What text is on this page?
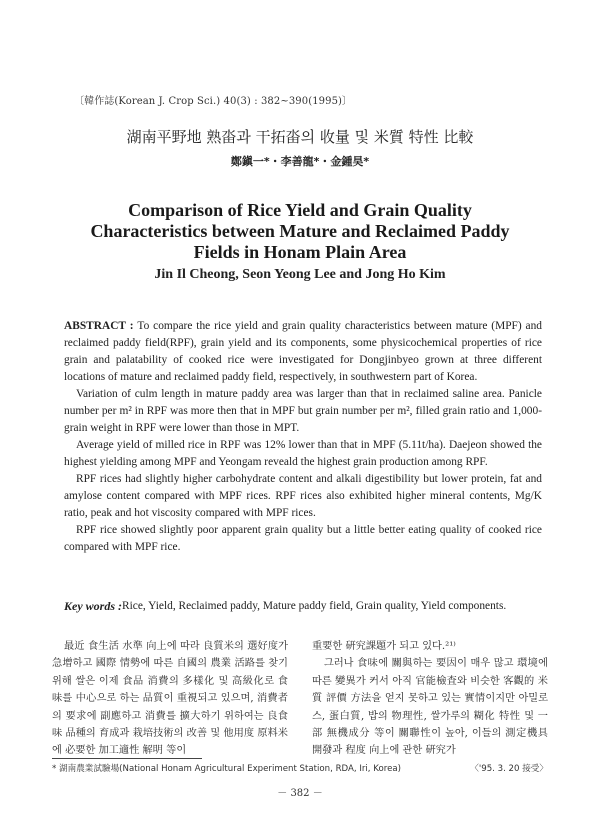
〔韓作誌(Korean J. Crop Sci.) 40(3) : 382~390(1995)〕
湖南平野地 熟畓과 干拓畓의 收量 및 米質 特性 比較
鄭鎭一*・李善龍*・金鍾昊*
Comparison of Rice Yield and Grain Quality Characteristics between Mature and Reclaimed Paddy Fields in Honam Plain Area
Jin Il Cheong, Seon Yeong Lee and Jong Ho Kim

ABSTRACT : To compare the rice yield and grain quality characteristics between mature (MPF) and reclaimed paddy field(RPF), grain yield and its components, some physicochemical properties of rice grain and palatability of cooked rice were investigated for Dongjinbyeo grown at three different locations of mature and reclaimed paddy field, respectively, in southwestern part of Korea.

Variation of culm length in mature paddy area was larger than that in reclaimed saline area. Panicle number per m² in RPF was more then that in MPF but grain number per m², filled grain ratio and 1,000-grain weight in RPF were lower than those in MPT.

Average yield of milled rice in RPF was 12% lower than that in MPF (5.11t/ha). Daejeon showed the highest yielding among MPF and Yeongam reveald the highest grain production among RPF.

RPF rices had slightly higher carbohydrate content and alkali digestibility but lower protein, fat and amylose content compared with MPF rices. RPF rices also exhibited higher mineral contents, Mg/K ratio, peak and hot viscosity compared with MPF rices.

RPF rice showed slightly poor apparent grain quality but a little better eating quality of cooked rice compared with MPF rice.

Key words : Rice, Yield, Reclaimed paddy, Mature paddy field, Grain quality, Yield components.

最近 食生活 水準 向上에 따라 良質米의 選好度가 急增하고 國際 情勢에 따른 自國의 農業 活路를 찾기 위해 쌀은 이제 食品 消費의 多樣化 및 高級化로 食味를 中心으로 하는 品質이 重視되고 있으며, 消費者의 要求에 副應하고 消費를 擴大하기 위하여는 良食味 品種의 育成과 栽培技術의 改善 및 他用度 原料米에 必要한 加工適性 解明 等이

重要한 硏究課題가 되고 있다.²¹⁾

그러나 食味에 關與하는 要因이 매우 많고 環境에 따른 變異가 커서 아직 官能檢査와 비슷한 客觀的 米質 評價 方法을 얻지 못하고 있는 實情이지만 아밀로스, 蛋白質, 밥의 物理性, 쌀가루의 糊化 特性 및 一部 無機成分 等이 關聯性이 높아, 이들의 測定機具 開發과 程度 向上에 관한 硏究가

* 湖南農業試驗場(National Honam Agricultural Experiment Station, RDA, Iri, Korea)	〈'95. 3. 20 接受〉
－ 382 －
